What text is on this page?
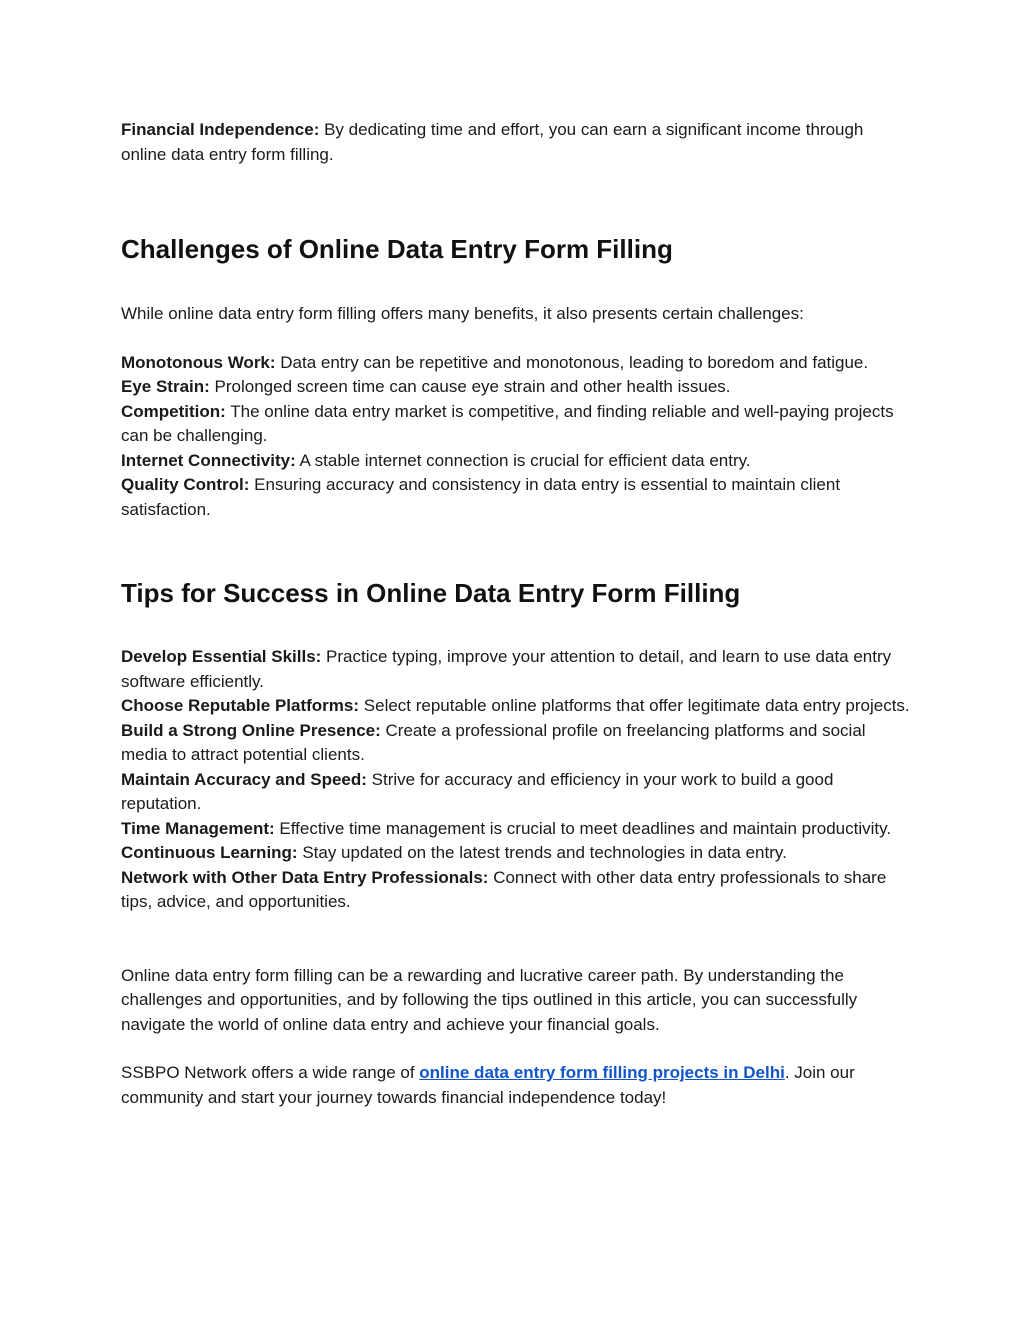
Financial Independence: By dedicating time and effort, you can earn a significant income through online data entry form filling.

Challenges of Online Data Entry Form Filling

While online data entry form filling offers many benefits, it also presents certain challenges:

Monotonous Work: Data entry can be repetitive and monotonous, leading to boredom and fatigue.

Eye Strain: Prolonged screen time can cause eye strain and other health issues.

Competition: The online data entry market is competitive, and finding reliable and well-paying projects can be challenging.

Internet Connectivity: A stable internet connection is crucial for efficient data entry.

Quality Control: Ensuring accuracy and consistency in data entry is essential to maintain client satisfaction.

Tips for Success in Online Data Entry Form Filling

Develop Essential Skills: Practice typing, improve your attention to detail, and learn to use data entry software efficiently.

Choose Reputable Platforms: Select reputable online platforms that offer legitimate data entry projects.

Build a Strong Online Presence: Create a professional profile on freelancing platforms and social media to attract potential clients.

Maintain Accuracy and Speed: Strive for accuracy and efficiency in your work to build a good reputation.

Time Management: Effective time management is crucial to meet deadlines and maintain productivity.

Continuous Learning: Stay updated on the latest trends and technologies in data entry.

Network with Other Data Entry Professionals: Connect with other data entry professionals to share tips, advice, and opportunities.

Online data entry form filling can be a rewarding and lucrative career path. By understanding the challenges and opportunities, and by following the tips outlined in this article, you can successfully navigate the world of online data entry and achieve your financial goals.

SSBPO Network offers a wide range of online data entry form filling projects in Delhi. Join our community and start your journey towards financial independence today!
